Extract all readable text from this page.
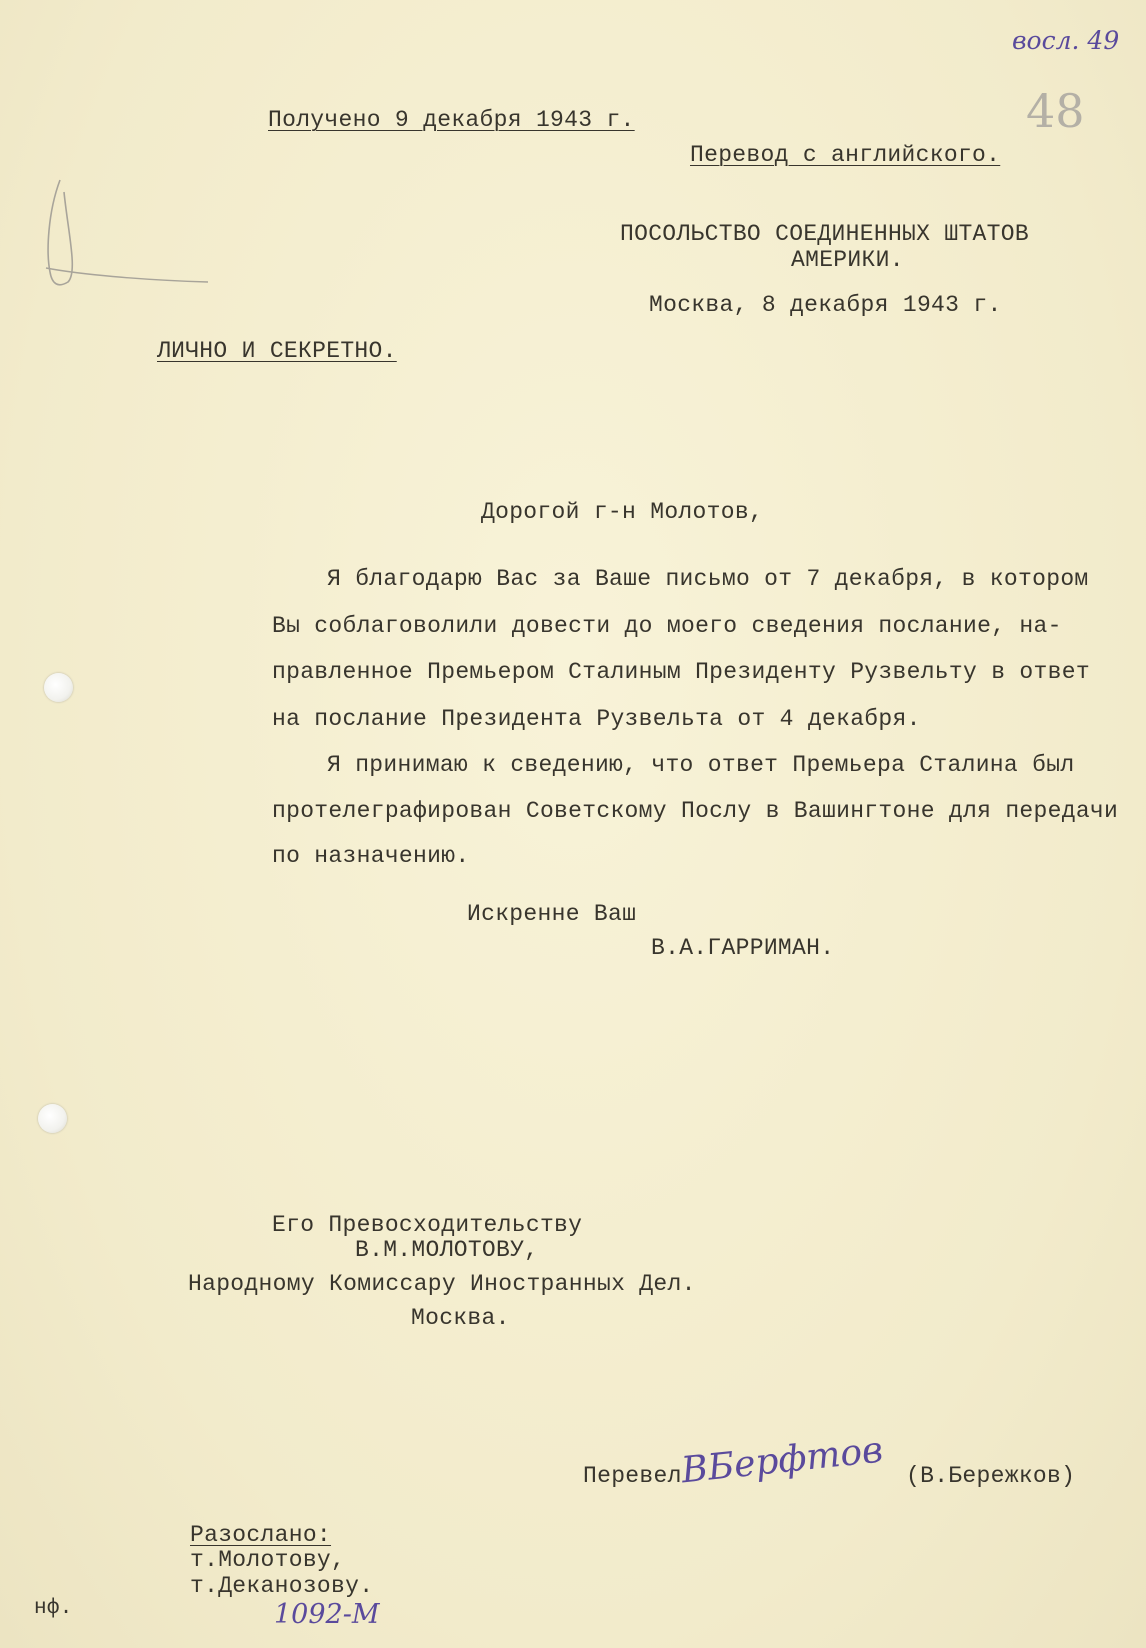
восл. 49
48
Получено 9 декабря 1943 г.
Перевод с английского.
ПОСОЛЬСТВО СОЕДИНЕННЫХ ШТАТОВ
АМЕРИКИ.
Москва, 8 декабря 1943 г.
ЛИЧНО И СЕКРЕТНО.
Дорогой г-н Молотов,
Я благодарю Вас за Ваше письмо от 7 декабря, в котором
Вы соблаговолили довести до моего сведения послание, на-
правленное Премьером Сталиным Президенту Рузвельту в ответ
на послание Президента Рузвельта от 4 декабря.
Я принимаю к сведению, что ответ Премьера Сталина был
протелеграфирован Советскому Послу в Вашингтоне для передачи
по назначению.
Искренне Ваш
В.А.ГАРРИМАН.
Его Превосходительству
В.М.МОЛОТОВУ,
Народному Комиссару Иностранных Дел.
Москва.
Перевел
ВБерфтов (В.Бережков)
Разослано:
т.Молотову,
т.Деканозову.
нф.	1092-М
